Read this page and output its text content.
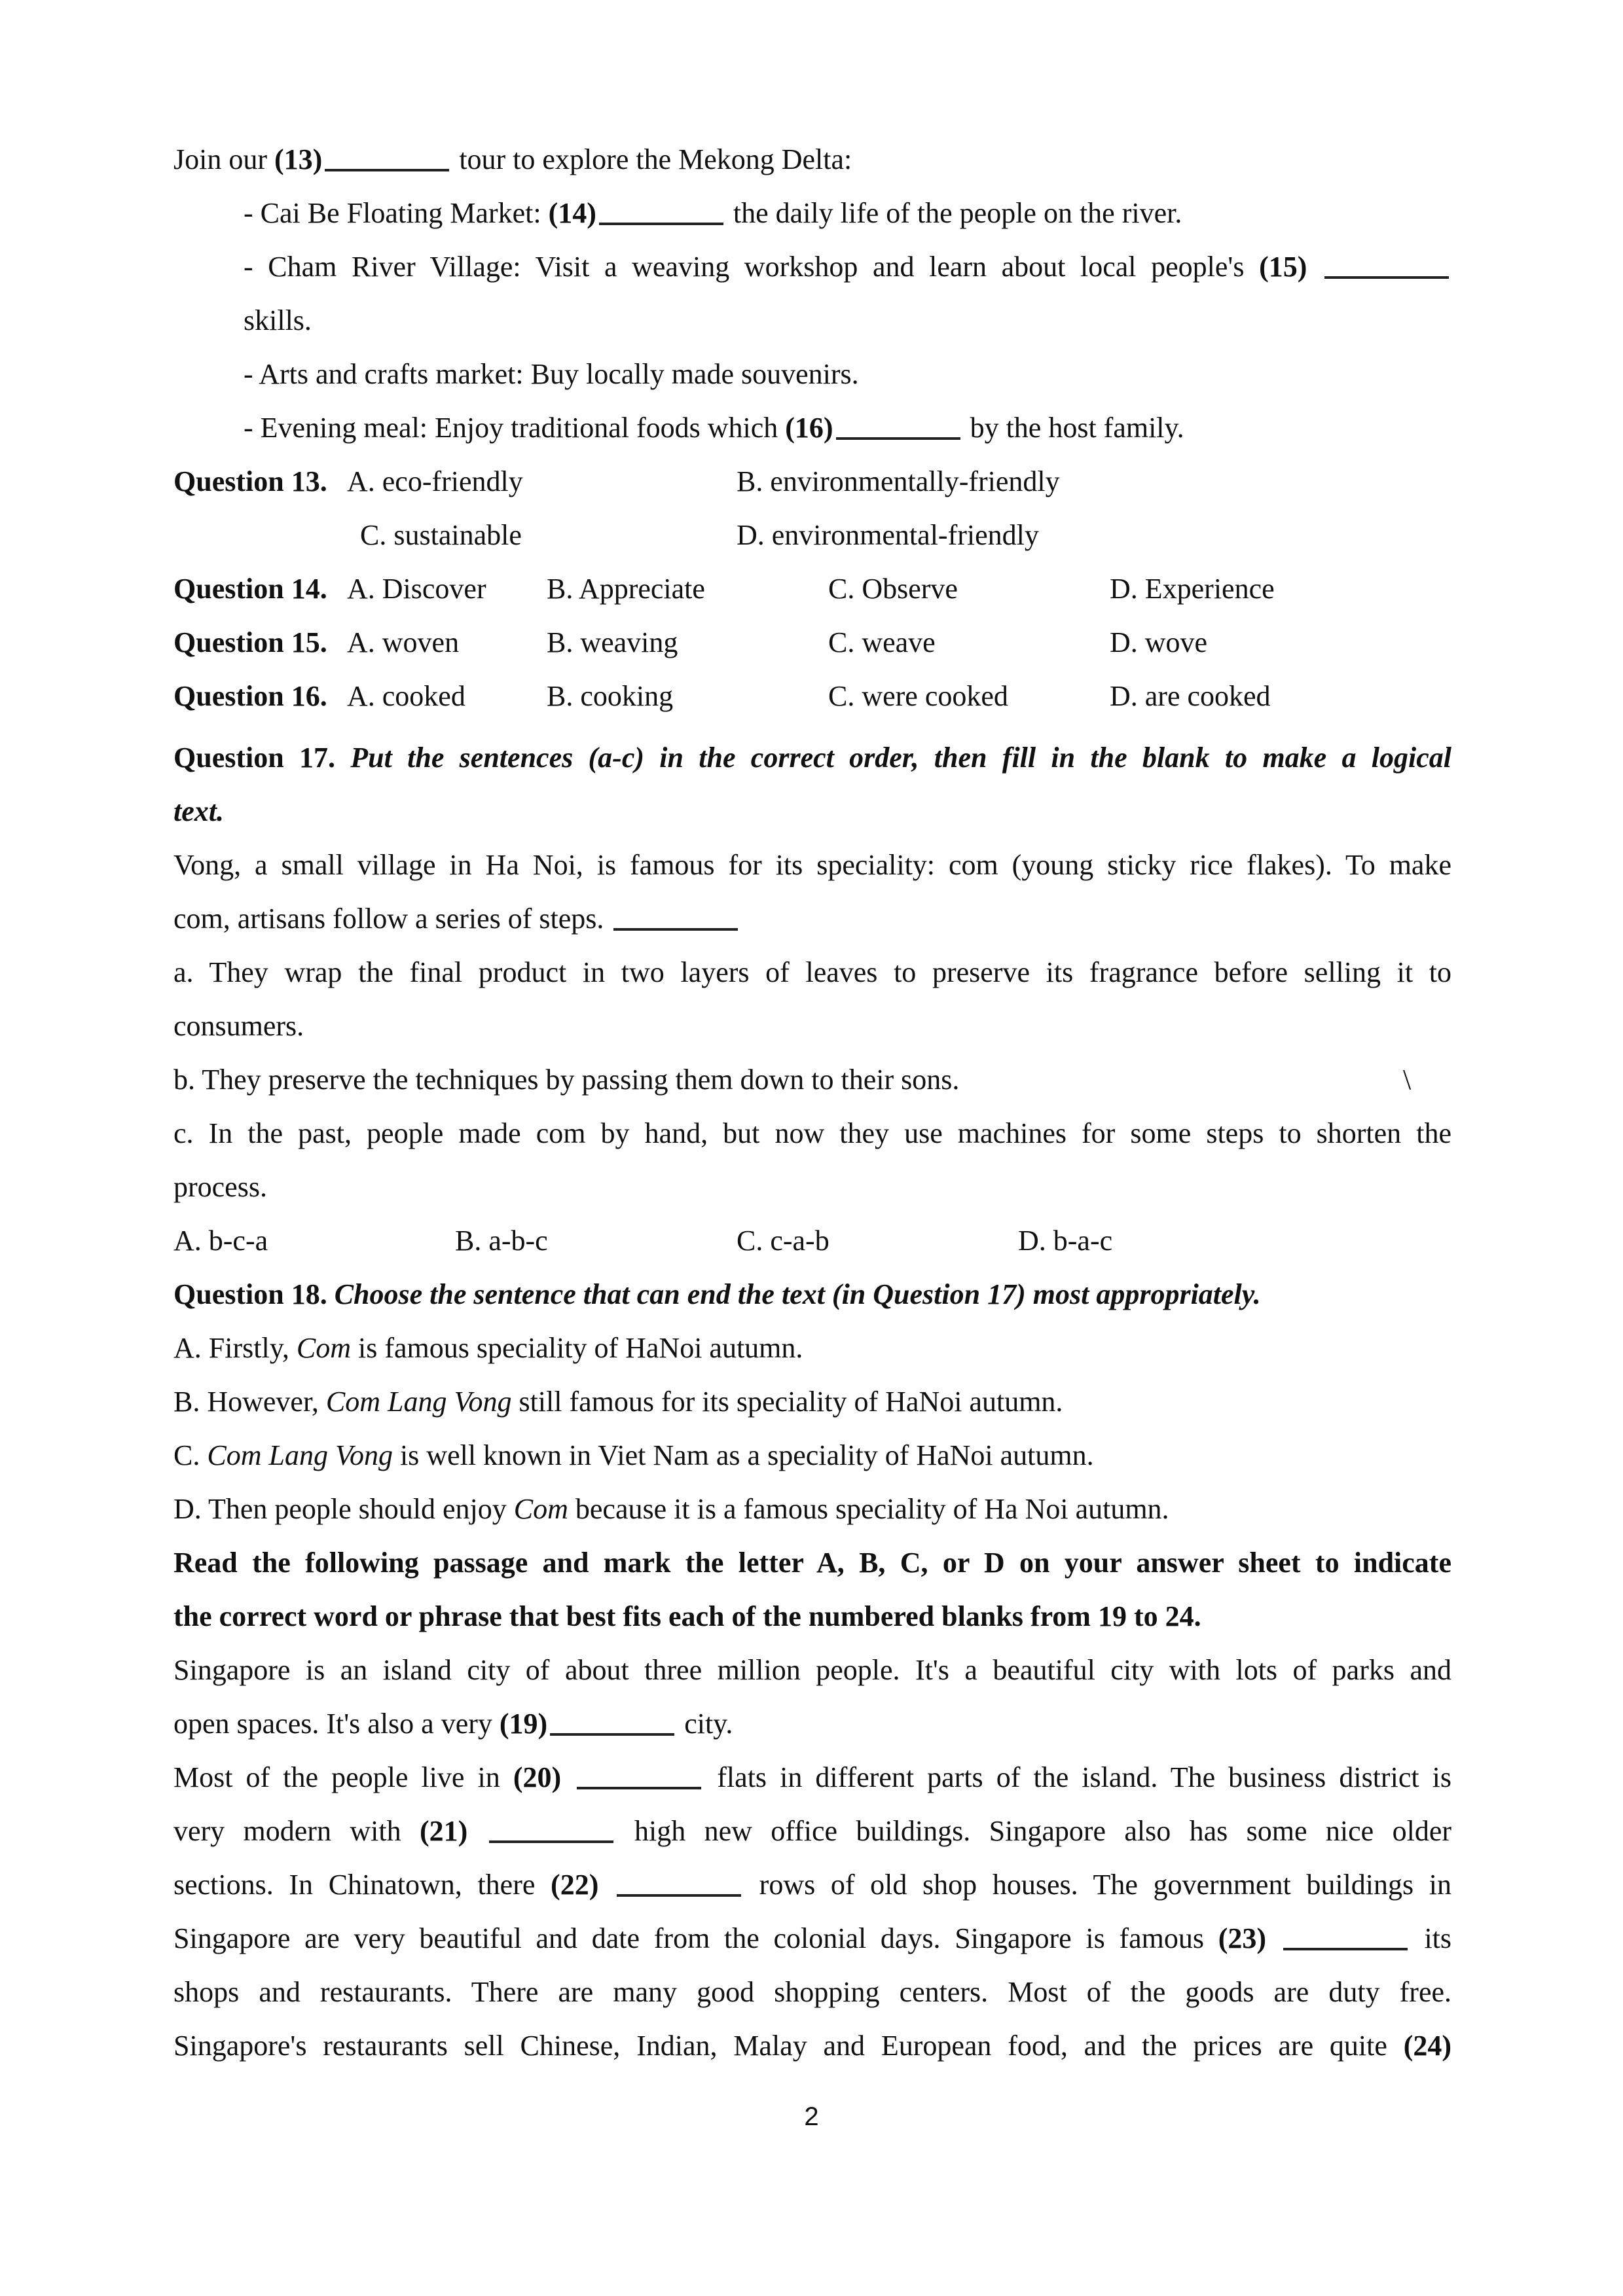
Join our (13)	tour to explore the Mekong Delta:
- Cai Be Floating Market: (14)	the daily life of the people on the river.
- Cham River Village: Visit a weaving workshop and learn about local people's (15)
skills.
- Arts and crafts market: Buy locally made souvenirs.
- Evening meal: Enjoy traditional foods which (16)	by the host family.
Question 13. A. eco-friendly	B. environmentally-friendly
C. sustainable	D. environmental-friendly
Question 14. A. Discover B. Appreciate	C. Observe	D. Experience
Question 15. A. woven	B. weaving	C. weave	D. wove
Question 16. A. cooked	B. cooking	C. were cooked	D. are cooked
Question 17. Put the sentences (a-c) in the correct order, then fill in the blank to make a logical
text.
Vong, a small village in Ha Noi, is famous for its speciality: com (young sticky rice flakes). To make
com, artisans follow a series of steps.
a. They wrap the final product in two layers of leaves to preserve its fragrance before selling it to
consumers.
b. They preserve the techniques by passing them down to their sons.	\
c. In the past, people made com by hand, but now they use machines for some steps to shorten the
process.
A. b-c-a	B. a-b-c	C. c-a-b	D. b-a-c
Question 18. Choose the sentence that can end the text (in Question 17) most appropriately.
A. Firstly, Com is famous speciality of HaNoi autumn.
B. However, Com Lang Vong still famous for its speciality of HaNoi autumn.
C. Com Lang Vong is well known in Viet Nam as a speciality of HaNoi autumn.
D. Then people should enjoy Com because it is a famous speciality of Ha Noi autumn.
Read the following passage and mark the letter A, B, C, or D on your answer sheet to indicate
the correct word or phrase that best fits each of the numbered blanks from 19 to 24.
Singapore is an island city of about three million people. It's a beautiful city with lots of parks and
open spaces. It's also a very (19)	city.
Most of the people live in (20)	flats in different parts of the island. The business district is
very modern with (21)	high new office buildings. Singapore also has some nice older
sections. In Chinatown, there (22)	rows of old shop houses. The government buildings in
Singapore are very beautiful and date from the colonial days. Singapore is famous (23)	its
shops and restaurants. There are many good shopping centers. Most of the goods are duty free.
Singapore's restaurants sell Chinese, Indian, Malay and European food, and the prices are quite (24)
2
